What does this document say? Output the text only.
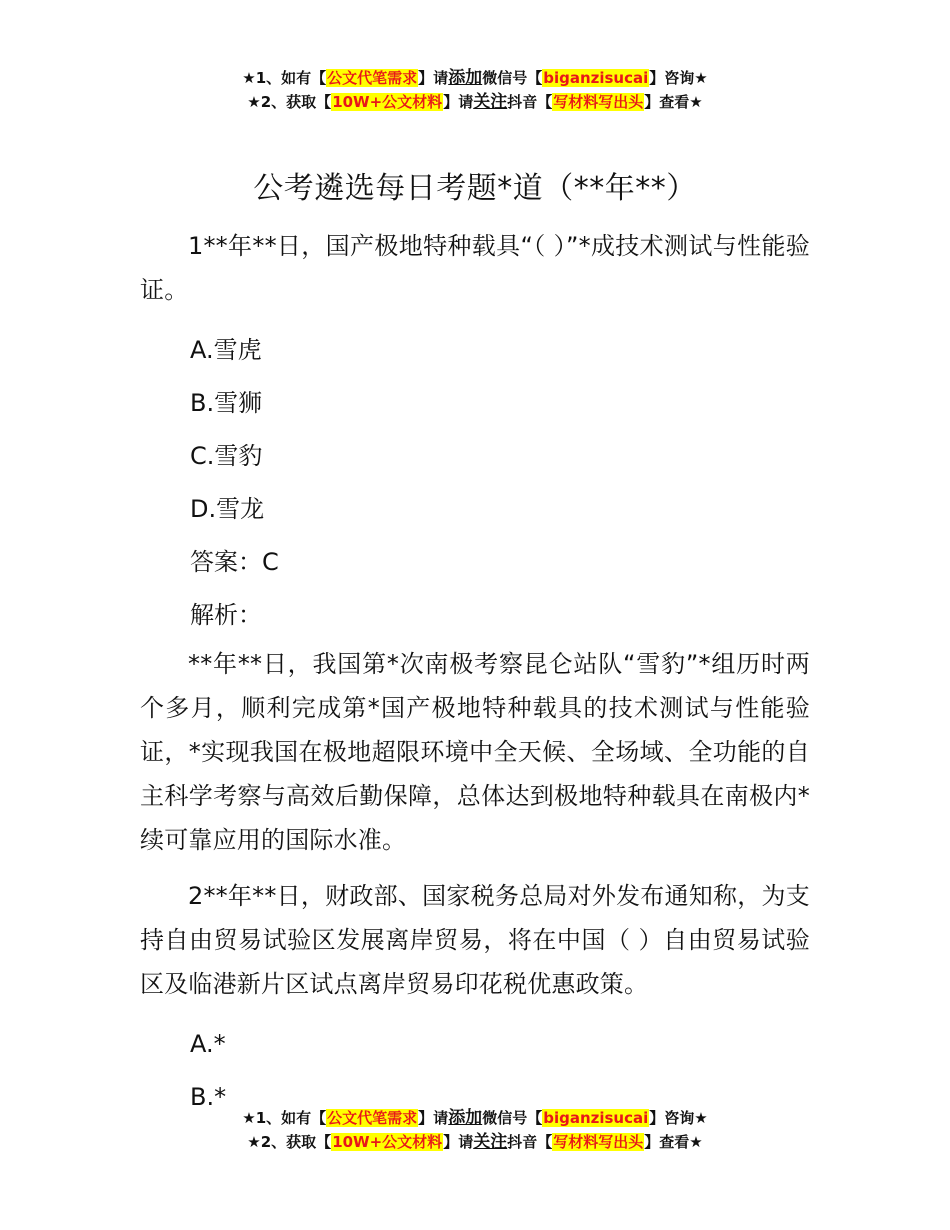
★1、如有【公文代笔需求】请添加微信号【biganzisucai】咨询★
★2、获取【10W+公文材料】请关注抖音【写材料写出头】查看★
公考遴选每日考题*道（**年**）

1**年**日，国产极地特种载具“（ ）”*成技术测试与性能验证。

A.雪虎

B.雪狮

C.雪豹

D.雪龙

答案：C

解析：

**年**日，我国第*次南极考察昆仑站队“雪豹”*组历时两个多月，顺利完成第*国产极地特种载具的技术测试与性能验证，*实现我国在极地超限环境中全天候、全场域、全功能的自主科学考察与高效后勤保障，总体达到极地特种载具在南极内*续可靠应用的国际水准。

2**年**日，财政部、国家税务总局对外发布通知称，为支持自由贸易试验区发展离岸贸易，将在中国（ ）自由贸易试验区及临港新片区试点离岸贸易印花税优惠政策。

A.*

B.*

★1、如有【公文代笔需求】请添加微信号【biganzisucai】咨询★
★2、获取【10W+公文材料】请关注抖音【写材料写出头】查看★
